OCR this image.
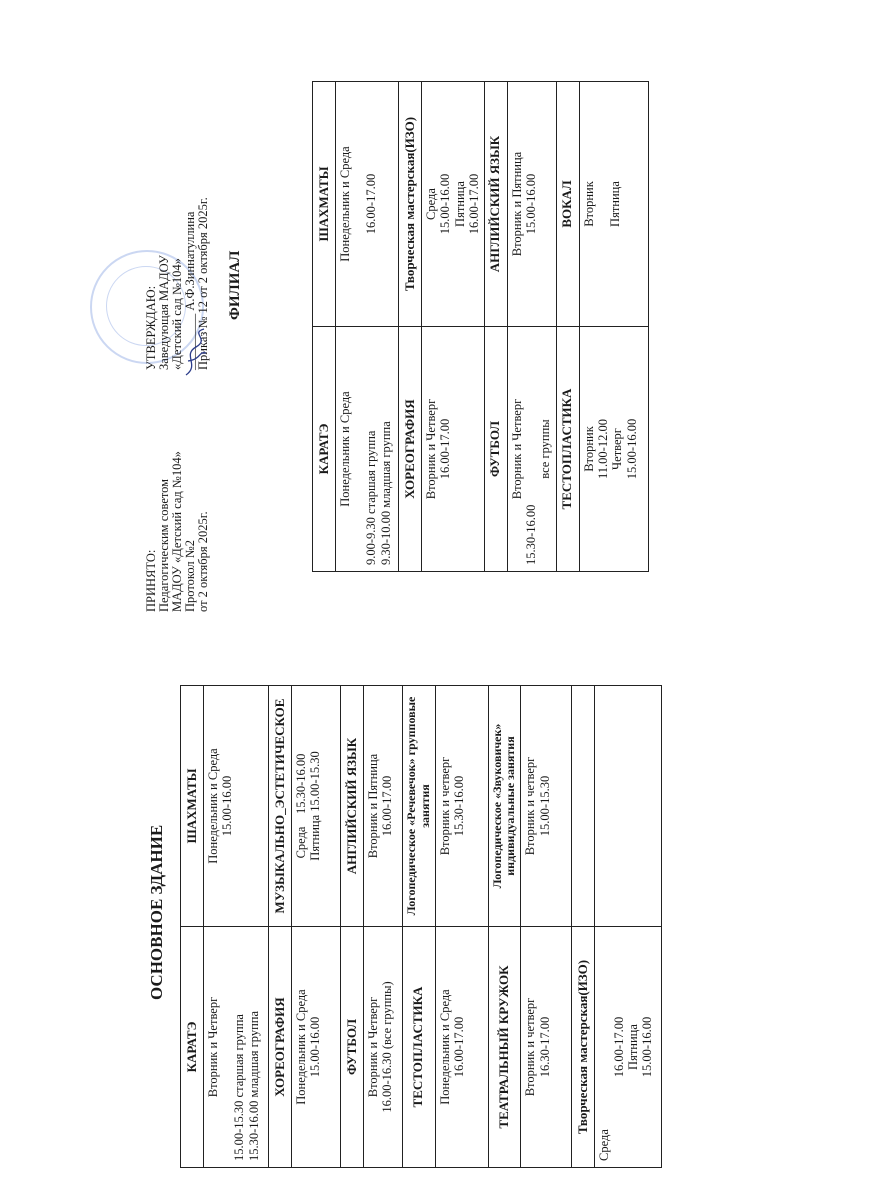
ПРИНЯТО: Педагогическим советом МАДОУ «Детский сад №104» Протокол №2 от 2 октября 2025г.
УТВЕРЖДАЮ: Заведующая МАДОУ «Детский сад №104» _________ А.Ф.Зиннатуллина Приказ № 12 от 2 октября 2025г. ФИЛИАЛ
КАРАТЭ	ШАХМАТЫ

Понедельник и Среда 9.00-9.30 старшая группа 9.30-10.00 младшая группа	Понедельник и Среда 16.00-17.00

ХОРЕОГРАФИЯ	Творческая мастерская(ИЗО)

Вторник и Четверг 16.00-17.00	Среда 15.00-16.00 Пятница 16.00-17.00

ФУТБОЛ	АНГЛИЙСКИЙ ЯЗЫК

Вторник и Четверг
15.30-16.00
все группы	Вторник и Пятница 15.00-16.00

ТЕСТОПЛАСТИКА	ВОКАЛ

Вторник 11.00-12.00 Четверг 15.00-16.00	Вторник Пятница
ОСНОВНОЕ ЗДАНИЕ
КАРАТЭ	ШАХМАТЫ

Вторник и Четверг 15.00-15.30 старшая группа 15.30-16.00 младшая группа	Понедельник и Среда 15.00-16.00

ХОРЕОГРАФИЯ	МУЗЫКАЛЬНО_ЭСТЕТИЧЕСКОЕ

Понедельник и Среда 15.00-16.00	Среда    15.30-16.00 Пятница 15.00-15.30

ФУТБОЛ	АНГЛИЙСКИЙ ЯЗЫК

Вторник и Четверг 16.00-16.30 (все группы)	Вторник и Пятница 16.00-17.00

ТЕСТОПЛАСТИКА	Логопедическое «Речевечок» групповые занятия

Понедельник и Среда 16.00-17.00	Вторник и четверг 15.30-16.00

ТЕАТРАЛЬНЫЙ КРУЖОК	Логопедическое «Звуковичек» индивидуальные занятия

Вторник и четверг 16.30-17.00	Вторник и четверг 15.00-15.30

Творческая мастерская(ИЗО)	

Среда
16.00-17.00 Пятница 15.00-16.00	
